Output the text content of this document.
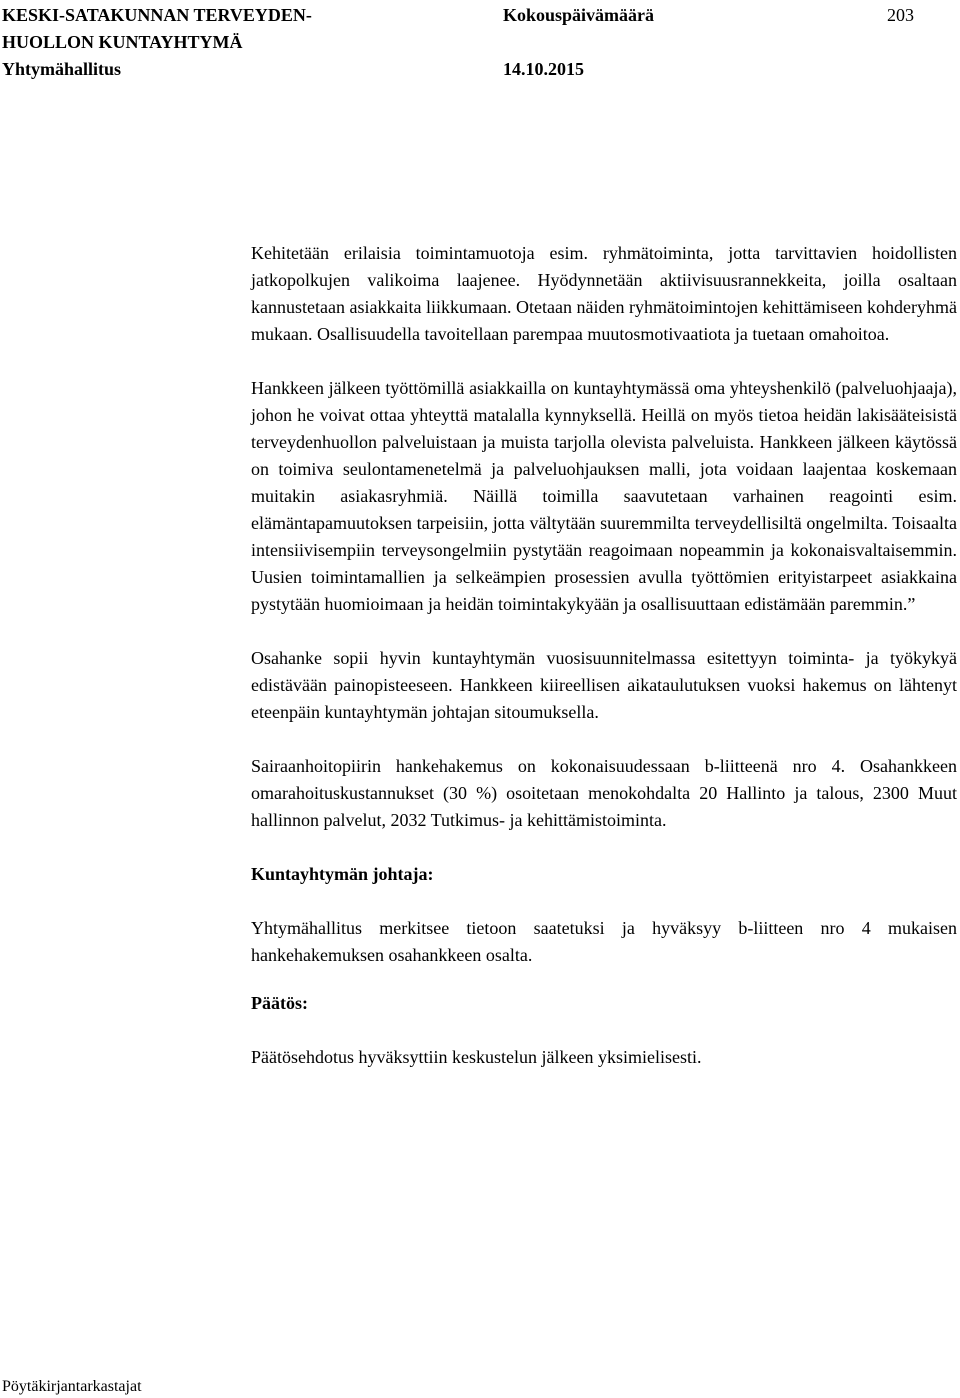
KESKI-SATAKUNNAN TERVEYDEN-
HUOLLON KUNTAYHTYMÄ
Yhtymähallitus
Kokouspäivämäärä
14.10.2015
203

Kehitetään erilaisia toimintamuotoja esim. ryhmätoiminta, jotta tarvittavien hoidollisten jatkopolkujen valikoima laajenee. Hyödynnetään aktiivisuusrannekkeita, joilla osaltaan kannustetaan asiakkaita liikkumaan. Otetaan näiden ryhmätoimintojen kehittämiseen kohderyhmä mukaan. Osallisuudella tavoitellaan parempaa muutosmotivaatiota ja tuetaan omahoitoa.

Hankkeen jälkeen työttömillä asiakkailla on kuntayhtymässä oma yhteyshenkilö (palveluohjaaja), johon he voivat ottaa yhteyttä matalalla kynnyksellä. Heillä on myös tietoa heidän lakisääteisistä terveydenhuollon palveluistaan ja muista tarjolla olevista palveluista. Hankkeen jälkeen käytössä on toimiva seulontamenetelmä ja palveluohjauksen malli, jota voidaan laajentaa koskemaan muitakin asiakasryhmiä. Näillä toimilla saavutetaan varhainen reagointi esim. elämäntapamuutoksen tarpeisiin, jotta vältytään suuremmilta terveydellisiltä ongelmilta. Toisaalta intensiivisempiin terveysongelmiin pystytään reagoimaan nopeammin ja kokonaisvaltaisemmin. Uusien toimintamallien ja selkeämpien prosessien avulla työttömien erityistarpeet asiakkaina pystytään huomioimaan ja heidän toimintakykyään ja osallisuuttaan edistämään paremmin.”

Osahanke sopii hyvin kuntayhtymän vuosisuunnitelmassa esitettyyn toiminta- ja työkykyä edistävään painopisteeseen. Hankkeen kiireellisen aikataulutuksen vuoksi hakemus on lähtenyt eteenpäin kuntayhtymän johtajan sitoumuksella.

Sairaanhoitopiirin hankehakemus on kokonaisuudessaan b-liitteenä nro 4. Osahankkeen omarahoituskustannukset (30 %) osoitetaan menokohdalta 20 Hallinto ja talous, 2300 Muut hallinnon palvelut, 2032 Tutkimus- ja kehittämistoiminta.

Kuntayhtymän johtaja:

Yhtymähallitus merkitsee tietoon saatetuksi ja hyväksyy b-liitteen nro 4 mukaisen hankehakemuksen osahankkeen osalta.

Päätös:

Päätösehdotus hyväksyttiin keskustelun jälkeen yksimielisesti.

Pöytäkirjantarkastajat
